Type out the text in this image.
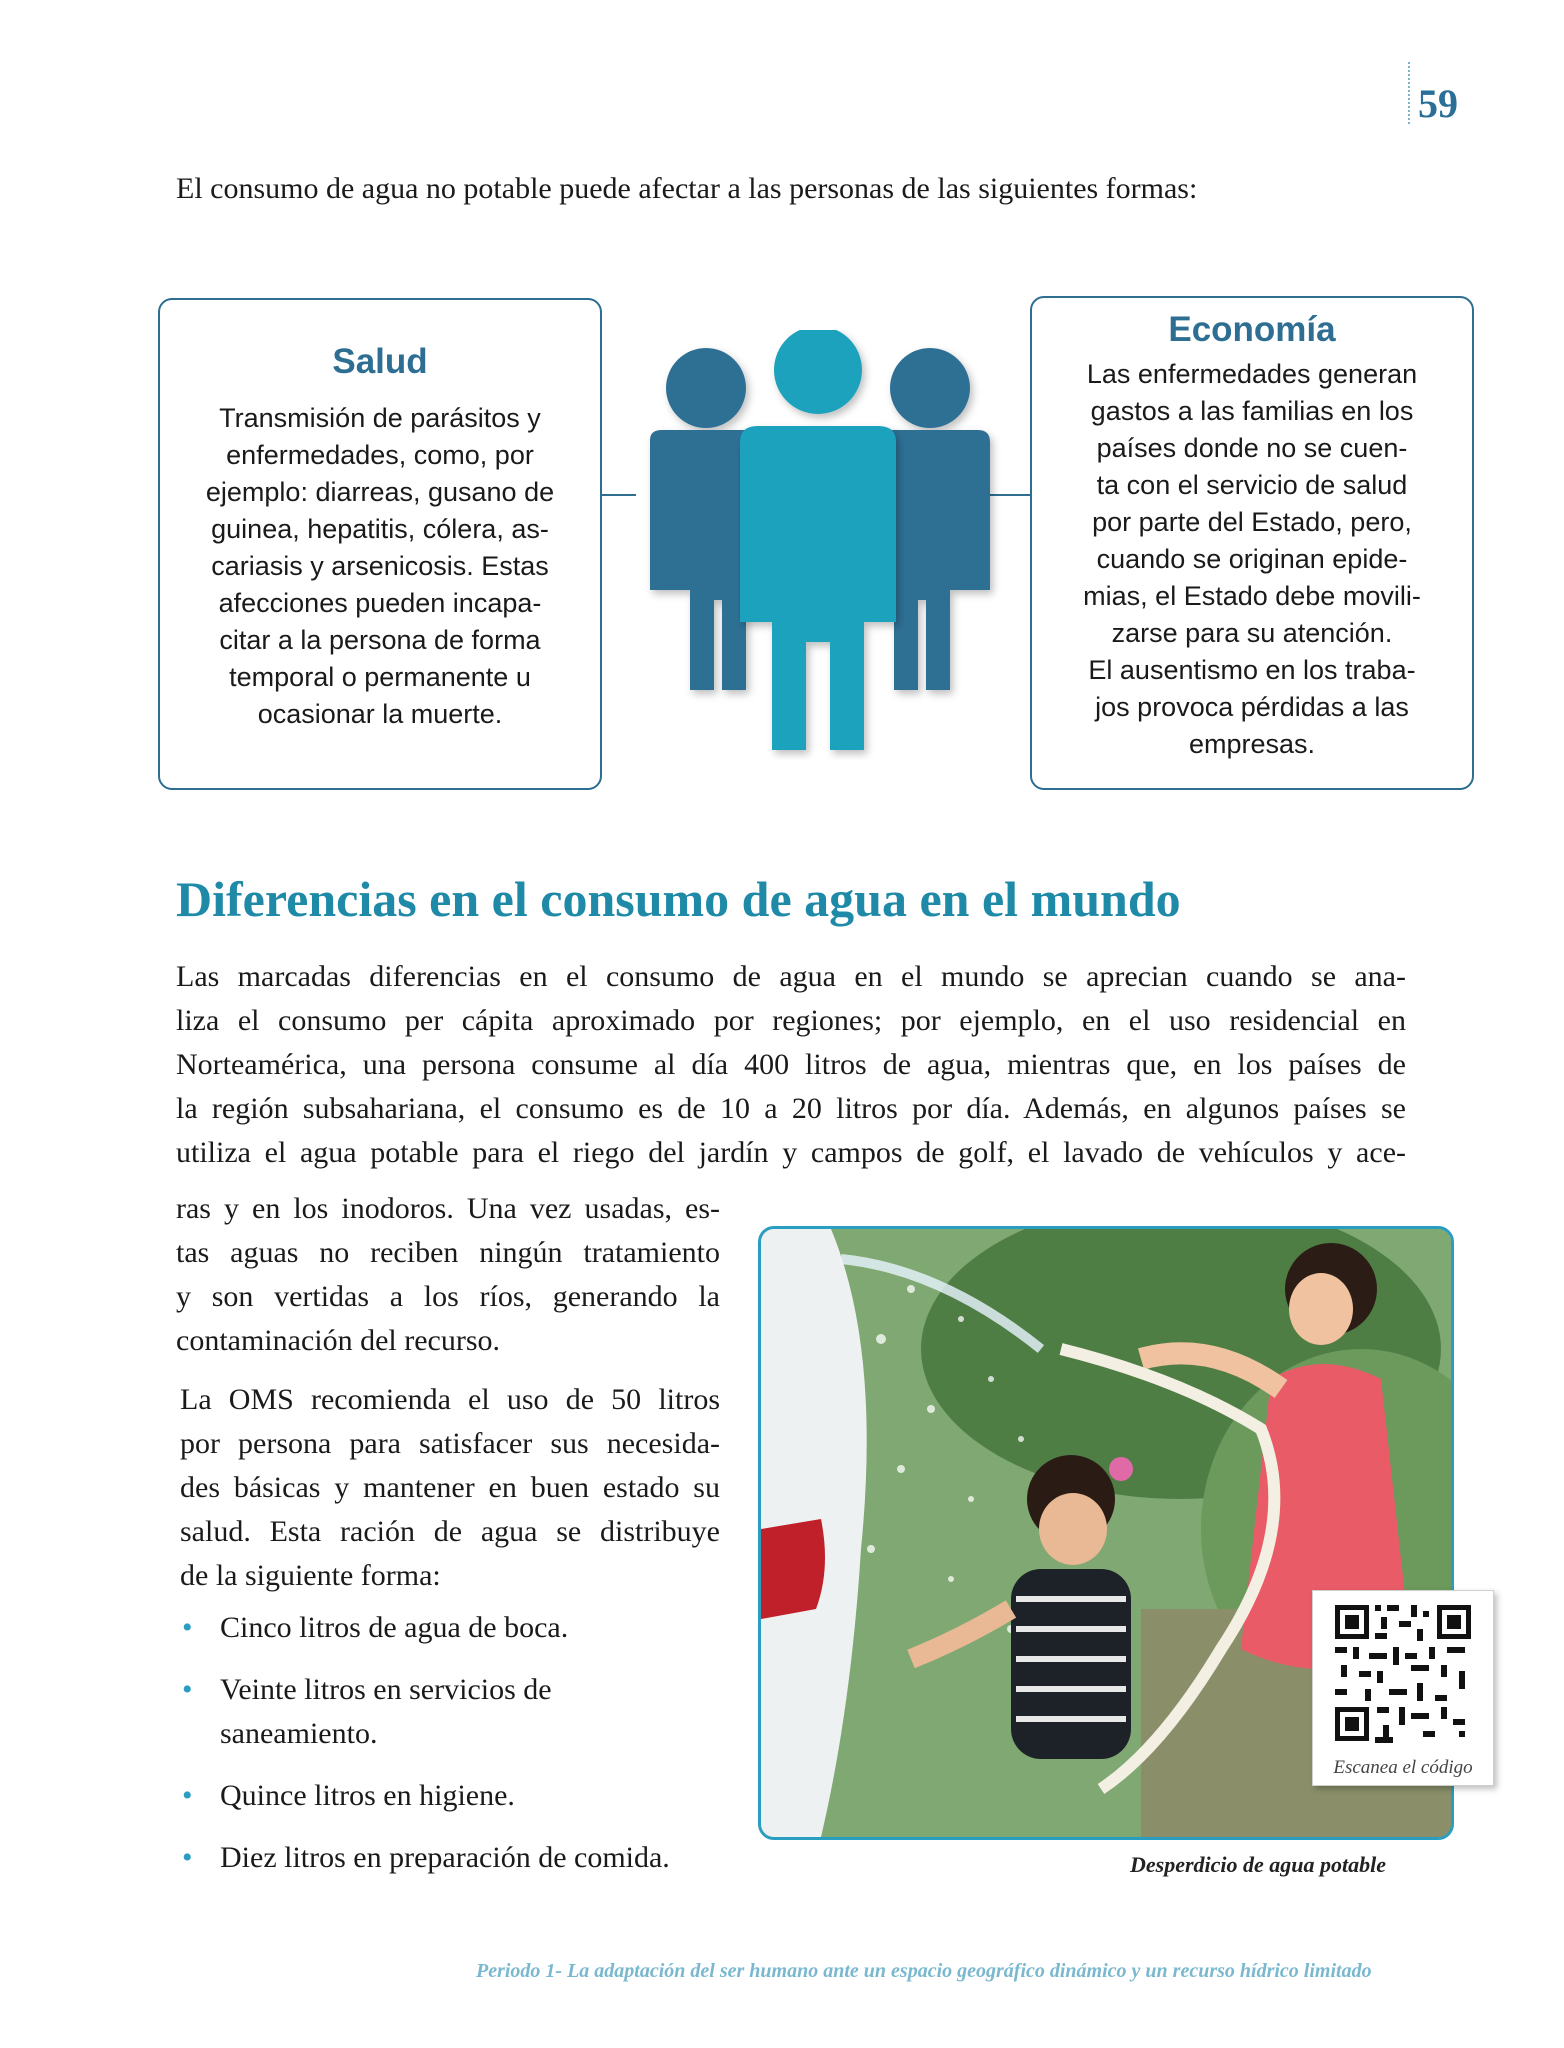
59
El consumo de agua no potable puede afectar a las personas de las siguientes formas:
Salud
Transmisión de parásitos y
enfermedades, como, por
ejemplo: diarreas, gusano de
guinea, hepatitis, cólera, as-
cariasis y arsenicosis. Estas
afecciones pueden incapa-
citar a la persona de forma
temporal o permanente u
ocasionar la muerte.
Economía
Las enfermedades generan
gastos a las familias en los
países donde no se cuen-
ta con el servicio de salud
por parte del Estado, pero,
cuando se originan epide-
mias, el Estado debe movili-
zarse para su atención.
El ausentismo en los traba-
jos provoca pérdidas a las
empresas.
Diferencias en el consumo de agua en el mundo
Las marcadas diferencias en el consumo de agua en el mundo se aprecian cuando se ana-
liza el consumo per cápita aproximado por regiones; por ejemplo, en el uso residencial en
Norteamérica, una persona consume al día 400 litros de agua, mientras que, en los países de
la región subsahariana, el consumo es de 10 a 20 litros por día. Además, en algunos países se
utiliza el agua potable para el riego del jardín y campos de golf, el lavado de vehículos y ace-
ras y en los inodoros. Una vez usadas, es-
tas aguas no reciben ningún tratamiento
y son vertidas a los ríos, generando la
contaminación del recurso.
La OMS recomienda el uso de 50 litros
por persona para satisfacer sus necesida-
des básicas y mantener en buen estado su
salud. Esta ración de agua se distribuye
de la siguiente forma:
• Cinco litros de agua de boca.
• Veinte litros en servicios de
saneamiento.
• Quince litros en higiene.
• Diez litros en preparación de comida.
Escanea el código
Desperdicio de agua potable
Periodo 1- La adaptación del ser humano ante un espacio geográfico dinámico y un recurso hídrico limitado
